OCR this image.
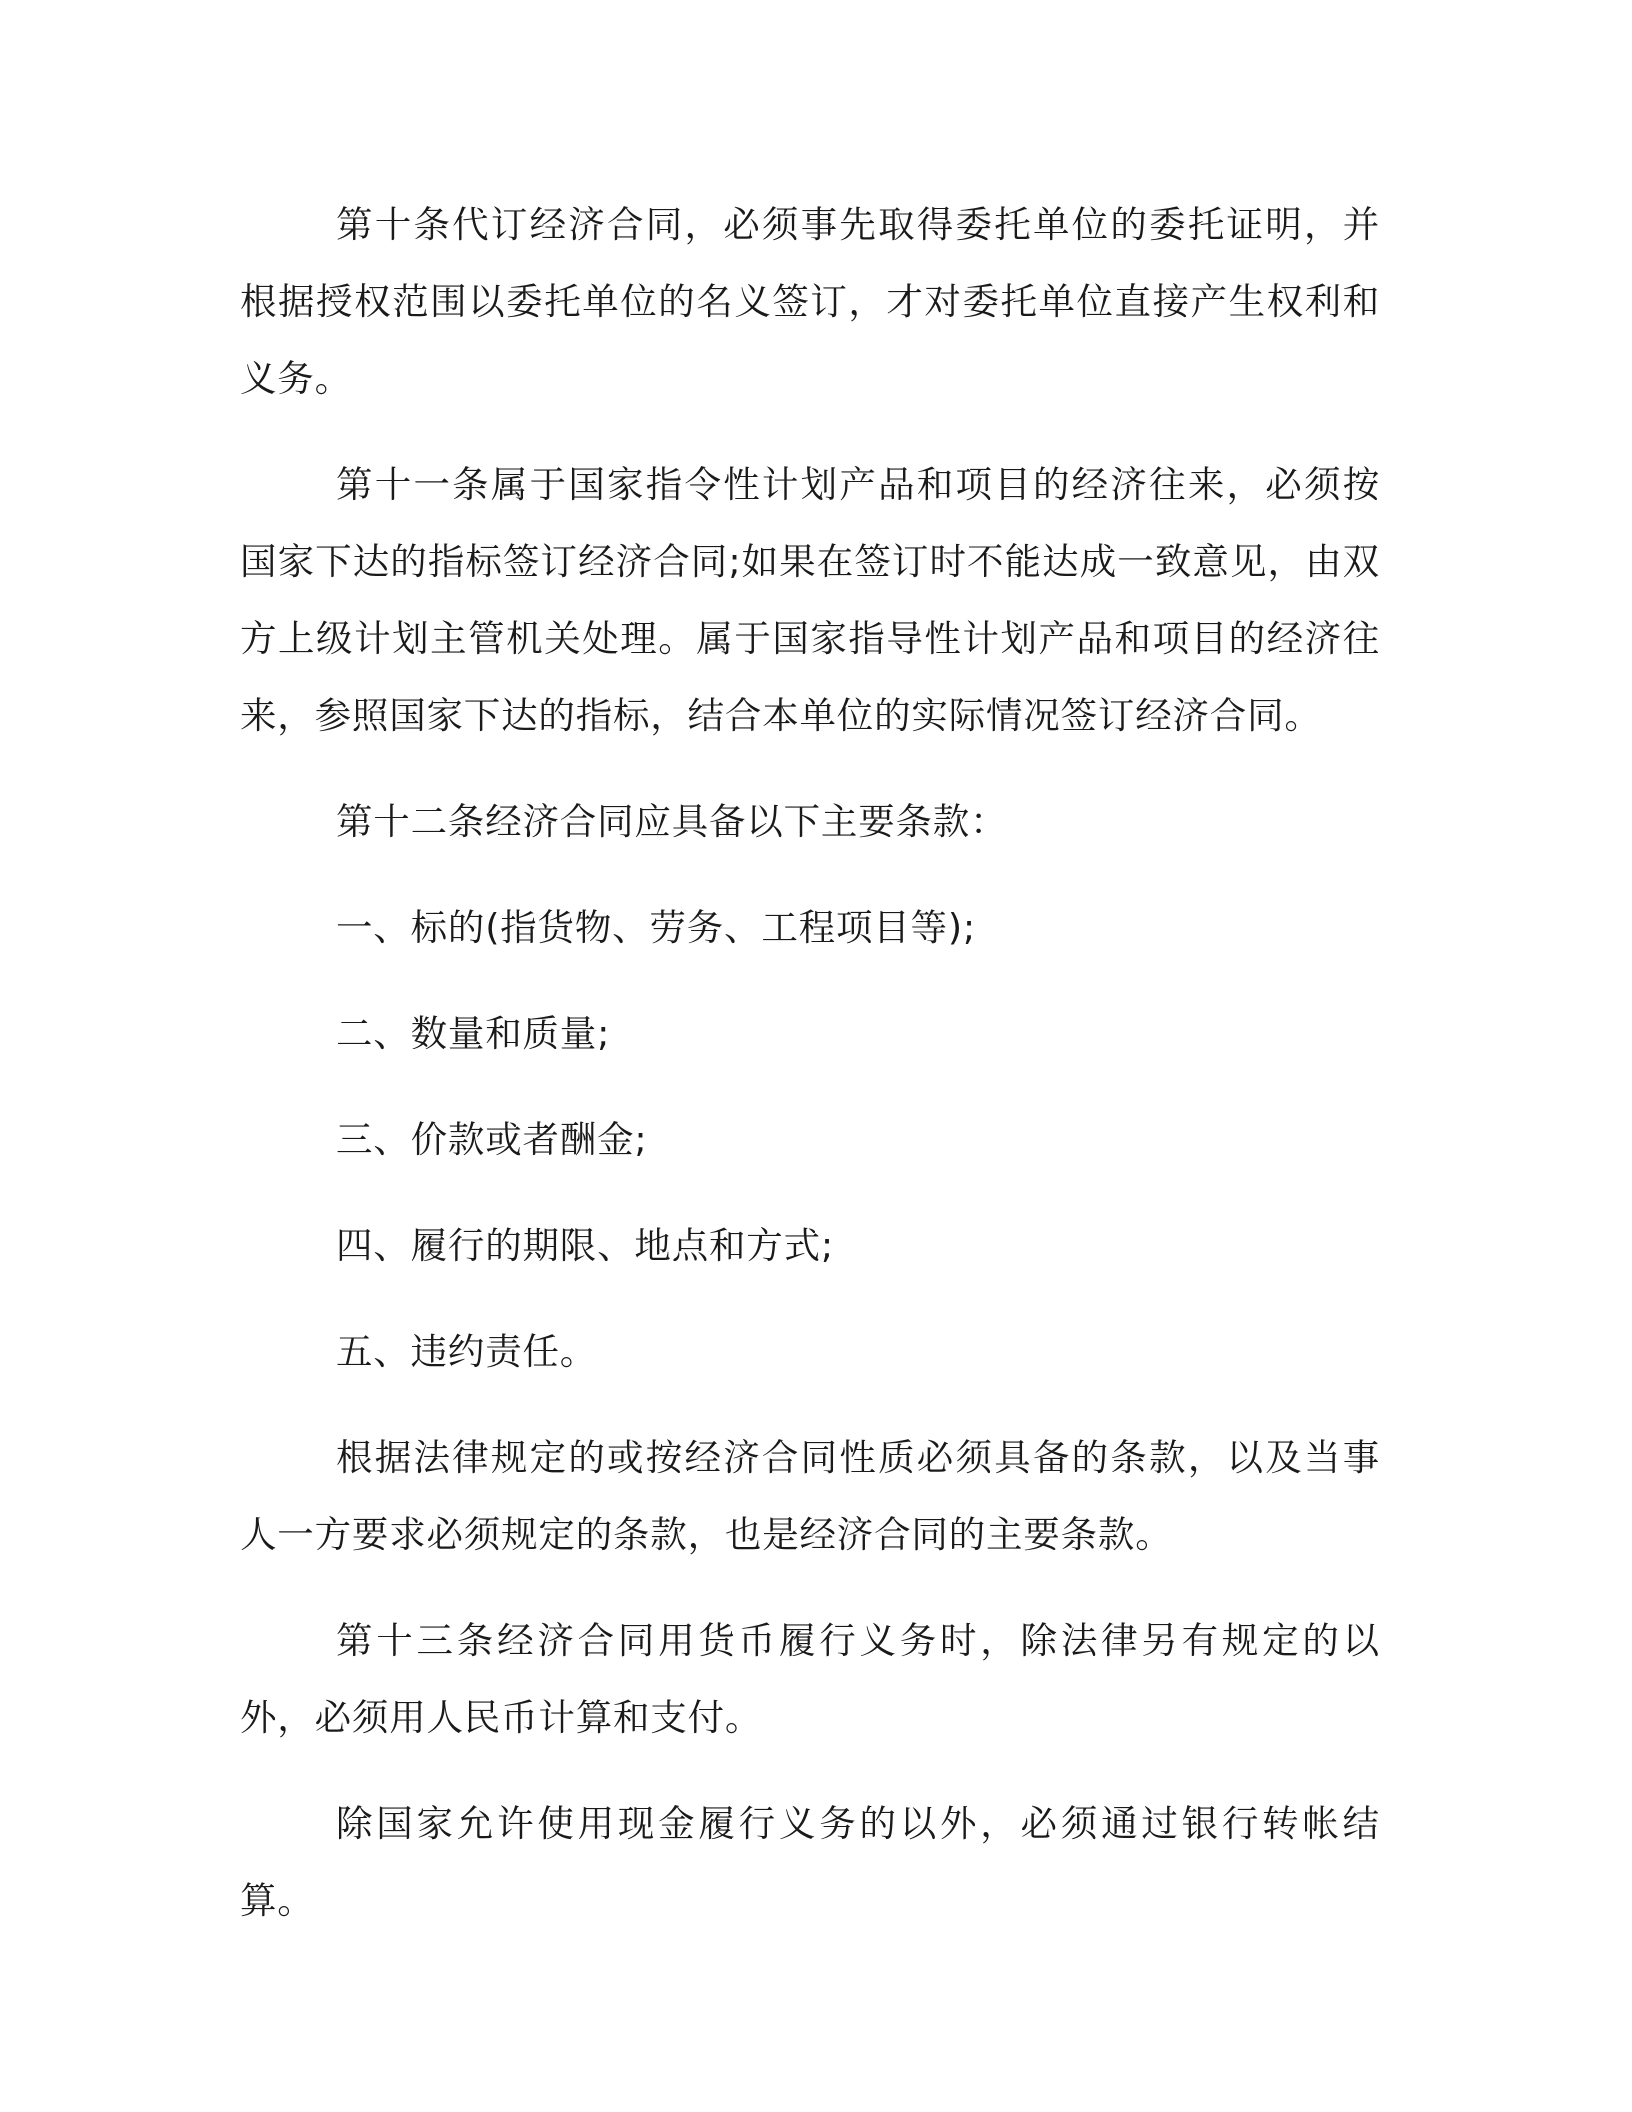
第十条代订经济合同，必须事先取得委托单位的委托证明，并根据授权范围以委托单位的名义签订，才对委托单位直接产生权利和义务。

第十一条属于国家指令性计划产品和项目的经济往来，必须按国家下达的指标签订经济合同;如果在签订时不能达成一致意见，由双方上级计划主管机关处理。属于国家指导性计划产品和项目的经济往来，参照国家下达的指标，结合本单位的实际情况签订经济合同。

第十二条经济合同应具备以下主要条款：

一、标的(指货物、劳务、工程项目等);

二、数量和质量;

三、价款或者酬金;

四、履行的期限、地点和方式;

五、违约责任。

根据法律规定的或按经济合同性质必须具备的条款，以及当事人一方要求必须规定的条款，也是经济合同的主要条款。

第十三条经济合同用货币履行义务时，除法律另有规定的以外，必须用人民币计算和支付。

除国家允许使用现金履行义务的以外，必须通过银行转帐结算。
